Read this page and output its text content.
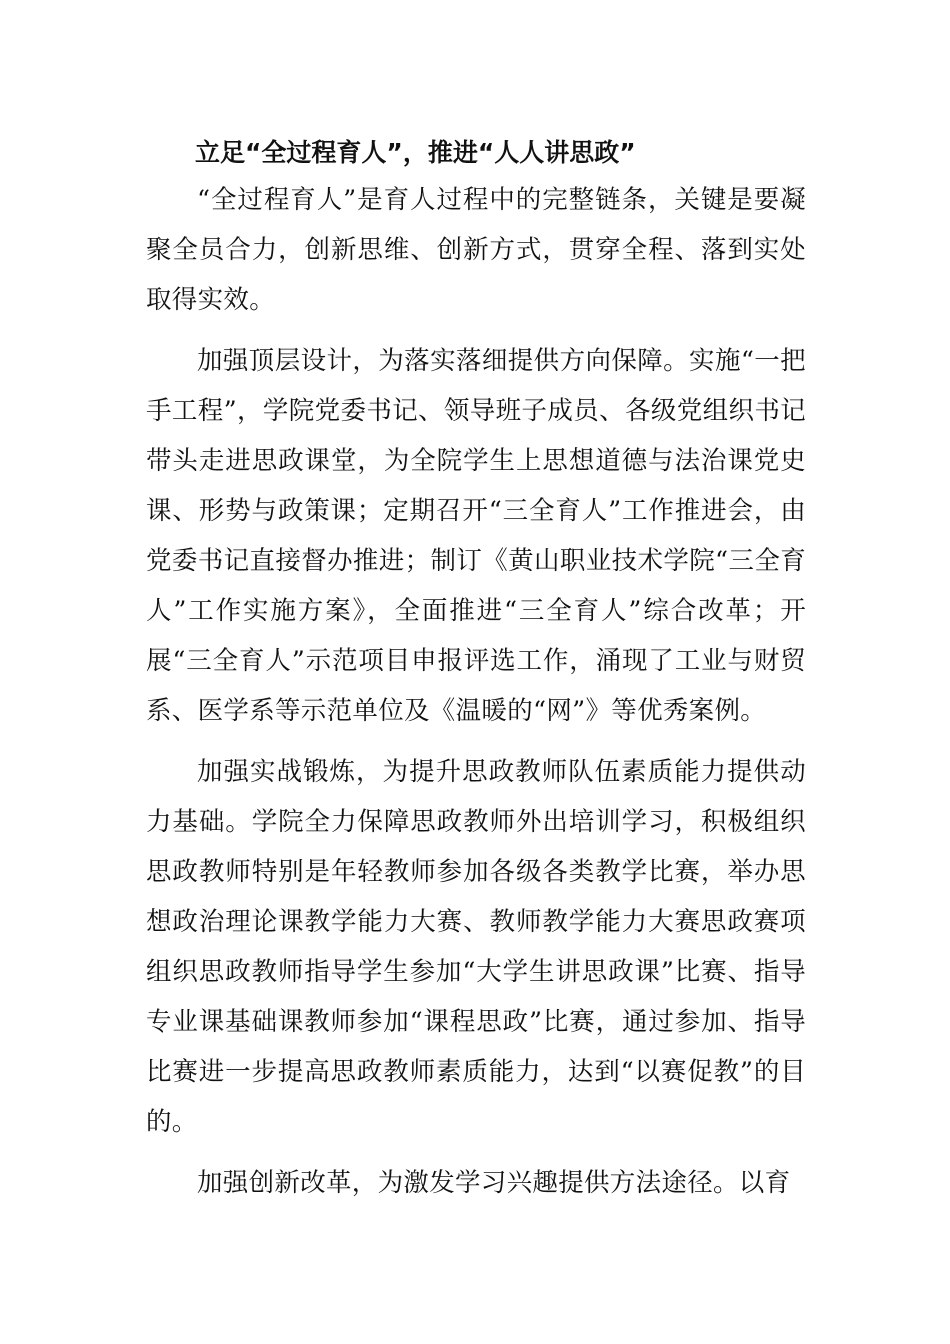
立足“全过程育人”，推进“人人讲思政”

“全过程育人”是育人过程中的完整链条，关键是要凝聚全员合力，创新思维、创新方式，贯穿全程、落到实处取得实效。

加强顶层设计，为落实落细提供方向保障。实施“一把手工程”，学院党委书记、领导班子成员、各级党组织书记带头走进思政课堂，为全院学生上思想道德与法治课党史课、形势与政策课；定期召开“三全育人”工作推进会，由党委书记直接督办推进；制订《黄山职业技术学院“三全育人”工作实施方案》，全面推进“三全育人”综合改革；开展“三全育人”示范项目申报评选工作，涌现了工业与财贸系、医学系等示范单位及《温暖的“网”》等优秀案例。

加强实战锻炼，为提升思政教师队伍素质能力提供动力基础。学院全力保障思政教师外出培训学习，积极组织思政教师特别是年轻教师参加各级各类教学比赛，举办思想政治理论课教学能力大赛、教师教学能力大赛思政赛项组织思政教师指导学生参加“大学生讲思政课”比赛、指导专业课基础课教师参加“课程思政”比赛，通过参加、指导比赛进一步提高思政教师素质能力，达到“以赛促教”的目的。

加强创新改革，为激发学习兴趣提供方法途径。以育
